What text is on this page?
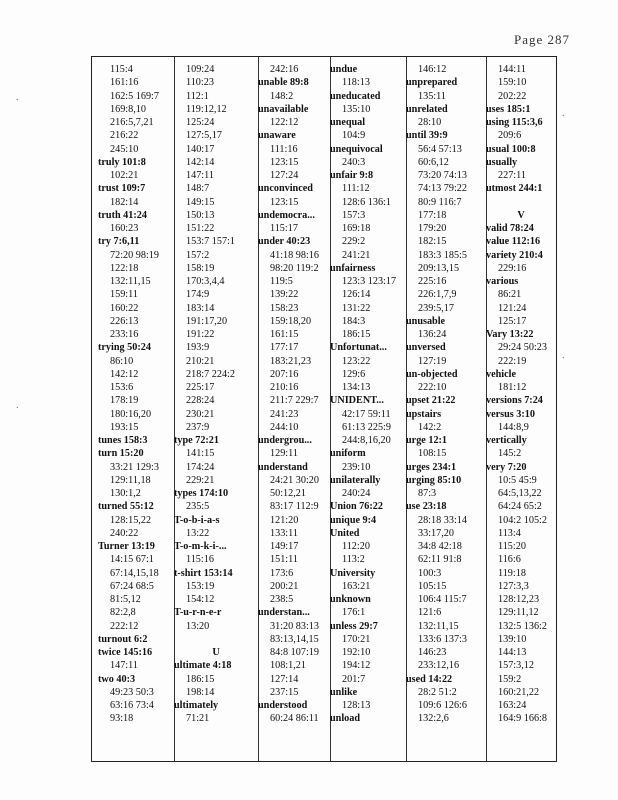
Page 287
⸱
⸱
⸱
⸱
115:4
161:16
162:5 169:7
169:8,10
216:5,7,21
216:22
245:10
truly 101:8
102:21
trust 109:7
182:14
truth 41:24
160:23
try 7:6,11
72:20 98:19
122:18
132:11,15
159:11
160:22
226:13
233:16
trying 50:24
86:10
142:12
153:6
178:19
180:16,20
193:15
tunes 158:3
turn 15:20
33:21 129:3
129:11,18
130:1,2
turned 55:12
128:15,22
240:22
Turner 13:19
14:15 67:1
67:14,15,18
67:24 68:5
81:5,12
82:2,8
222:12
turnout 6:2
twice 145:16
147:11
two 40:3
49:23 50:3
63:16 73:4
93:18
109:24
110:23
112:1
119:12,12
125:24
127:5,17
140:17
142:14
147:11
148:7
149:15
150:13
151:22
153:7 157:1
157:2
158:19
170:3,4,4
174:9
183:14
191:17,20
191:22
193:9
210:21
218:7 224:2
225:17
228:24
230:21
237:9
type 72:21
141:15
174:24
229:21
types 174:10
235:5
T-o-b-i-a-s
13:22
T-o-m-k-i-...
115:16
t-shirt 153:14
153:19
154:12
T-u-r-n-e-r
13:20
U
ultimate 4:18
186:15
198:14
ultimately
71:21
242:16
unable 89:8
148:2
unavailable
122:12
unaware
111:16
123:15
127:24
unconvinced
123:15
undemocra...
115:17
under 40:23
41:18 98:16
98:20 119:2
119:5
139:22
158:23
159:18,20
161:15
177:17
183:21,23
207:16
210:16
211:7 229:7
241:23
244:10
undergrou...
129:11
understand
24:21 30:20
50:12,21
83:17 112:9
121:20
133:11
149:17
151:11
173:6
200:21
238:5
understan...
31:20 83:13
83:13,14,15
84:8 107:19
108:1,21
127:14
237:15
understood
60:24 86:11
undue
118:13
uneducated
135:10
unequal
104:9
unequivocal
240:3
unfair 9:8
111:12
128:6 136:1
157:3
169:18
229:2
241:21
unfairness
123:3 123:17
126:14
131:22
184:3
186:15
Unfortunat...
123:22
129:6
134:13
UNIDENT...
42:17 59:11
61:13 225:9
244:8,16,20
uniform
239:10
unilaterally
240:24
Union 76:22
unique 9:4
United
112:20
113:2
University
163:21
unknown
176:1
unless 29:7
170:21
192:10
194:12
201:7
unlike
128:13
unload
146:12
unprepared
135:11
unrelated
28:10
until 39:9
56:4 57:13
60:6,12
73:20 74:13
74:13 79:22
80:9 116:7
177:18
179:20
182:15
183:3 185:5
209:13,15
225:16
226:1,7,9
239:5,17
unusable
136:24
unversed
127:19
un-objected
222:10
upset 21:22
upstairs
142:2
urge 12:1
108:15
urges 234:1
urging 85:10
87:3
use 23:18
28:18 33:14
33:17,20
34:8 42:18
62:11 91:8
100:3
105:15
106:4 115:7
121:6
132:11,15
133:6 137:3
146:23
233:12,16
used 14:22
28:2 51:2
109:6 126:6
132:2,6
144:11
159:10
202:22
uses 185:1
using 115:3,6
209:6
usual 100:8
usually
227:11
utmost 244:1
V
valid 78:24
value 112:16
variety 210:4
229:16
various
86:21
121:24
125:17
Vary 13:22
29:24 50:23
222:19
vehicle
181:12
versions 7:24
versus 3:10
144:8,9
vertically
145:2
very 7:20
10:5 45:9
64:5,13,22
64:24 65:2
104:2 105:2
113:4
115:20
116:6
119:18
127:3,3
128:12,23
129:11,12
132:5 136:2
139:10
144:13
157:3,12
159:2
160:21,22
163:24
164:9 166:8
